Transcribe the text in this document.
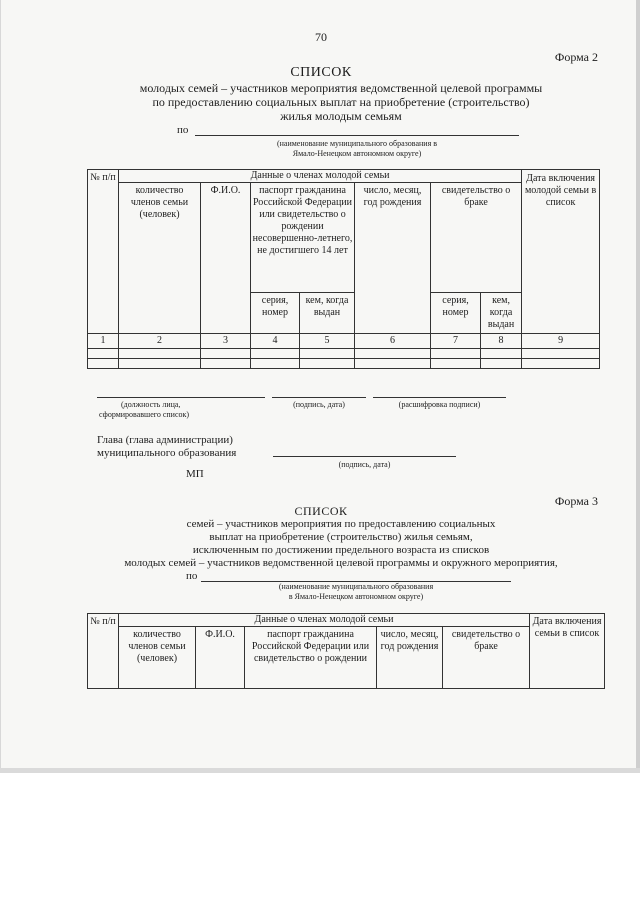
70
Форма 2
СПИСОК
молодых семей – участников мероприятия ведомственной целевой программы
по предоставлению социальных выплат на приобретение (строительство)
жилья молодым семьям
по
(наименование муниципального образования в
Ямало-Ненецком автономном округе)
№ п/п	Данные о членах молодой семьи							Дата включения молодой семьи в список
	количество членов семьи (человек)	Ф.И.О.	паспорт гражданина Российской Федерации или свидетельство о рождении несовершенно-летнего, не достигшего 14 лет		число, месяц, год рождения	свидетельство о браке		
			серия, номер	кем, когда выдан		серия, номер	кем, когда выдан	
1	2	3	4	5	6	7	8	9

(должность лица,
сформировавшего список)
(подпись, дата)	(расшифровка подписи)
Глава (глава администрации)
муниципального образования
(подпись, дата)
МП
Форма 3
СПИСОК
семей – участников мероприятия по предоставлению социальных
выплат на приобретение (строительство) жилья семьям,
исключенным по достижении предельного возраста из списков
молодых семей – участников ведомственной целевой программы и окружного мероприятия,
по
(наименование муниципального образования
в Ямало-Ненецком автономном округе)
№ п/п	Данные о членах молодой семьи					Дата включения семьи в список
	количество членов семьи (человек)	Ф.И.О.	паспорт гражданина Российской Федерации или свидетельство о рождении	число, месяц, год рождения	свидетельство о браке	
